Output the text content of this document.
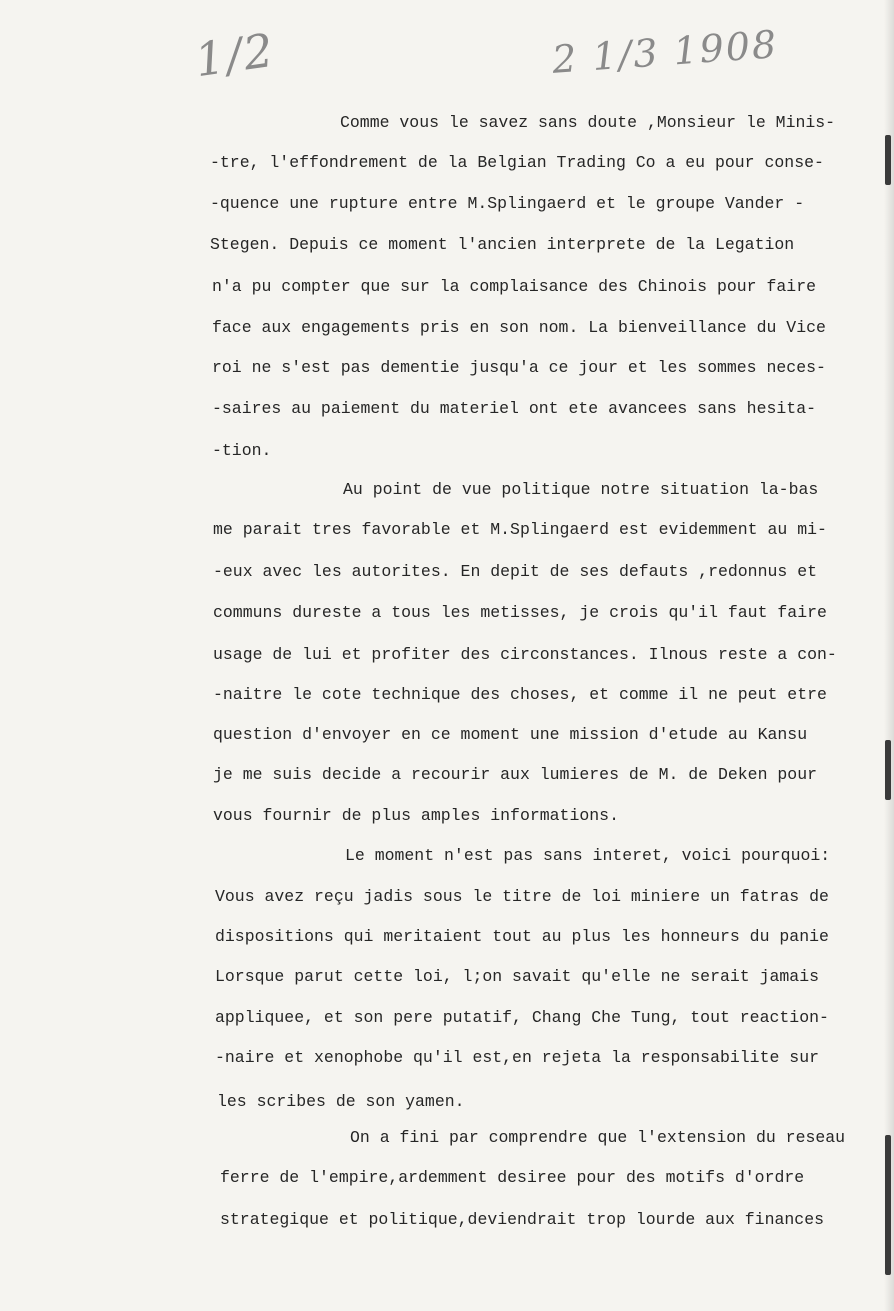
1/2	2 1/3 1908
Comme vous le savez sans doute ,Monsieur le Minis-
-tre, l'effondrement de la Belgian Trading Co a eu pour conse-
-quence une rupture entre M.Splingaerd et le groupe Vander -
Stegen. Depuis ce moment l'ancien interprete de la Legation
n'a pu compter que sur la complaisance des Chinois pour faire
face aux engagements pris en son nom. La bienveillance du Vice
roi ne s'est pas dementie jusqu'a ce jour et les sommes neces-
-saires au paiement du materiel ont ete avancees sans hesita-
-tion.
Au point de vue politique notre situation la-bas
me parait tres favorable et M.Splingaerd est evidemment au mi-
-eux avec les autorites. En depit de ses defauts ,redonnus et
communs dureste a tous les metisses, je crois qu'il faut faire
usage de lui et profiter des circonstances. Ilnous reste a con-
-naitre le cote technique des choses, et comme il ne peut etre
question d'envoyer en ce moment une mission d'etude au Kansu
je me suis decide a recourir aux lumieres de M. de Deken pour
vous fournir de plus amples informations.
Le moment n'est pas sans interet, voici pourquoi:
Vous avez reçu jadis sous le titre de loi miniere un fatras de
dispositions qui meritaient tout au plus les honneurs du panie
Lorsque parut cette loi, l;on savait qu'elle ne serait jamais
appliquee, et son pere putatif, Chang Che Tung, tout reaction-
-naire et xenophobe qu'il est,en rejeta la responsabilite sur
les scribes de son yamen.
On a fini par comprendre que l'extension du reseau
ferre de l'empire,ardemment desiree pour des motifs d'ordre
strategique et politique,deviendrait trop lourde aux finances
